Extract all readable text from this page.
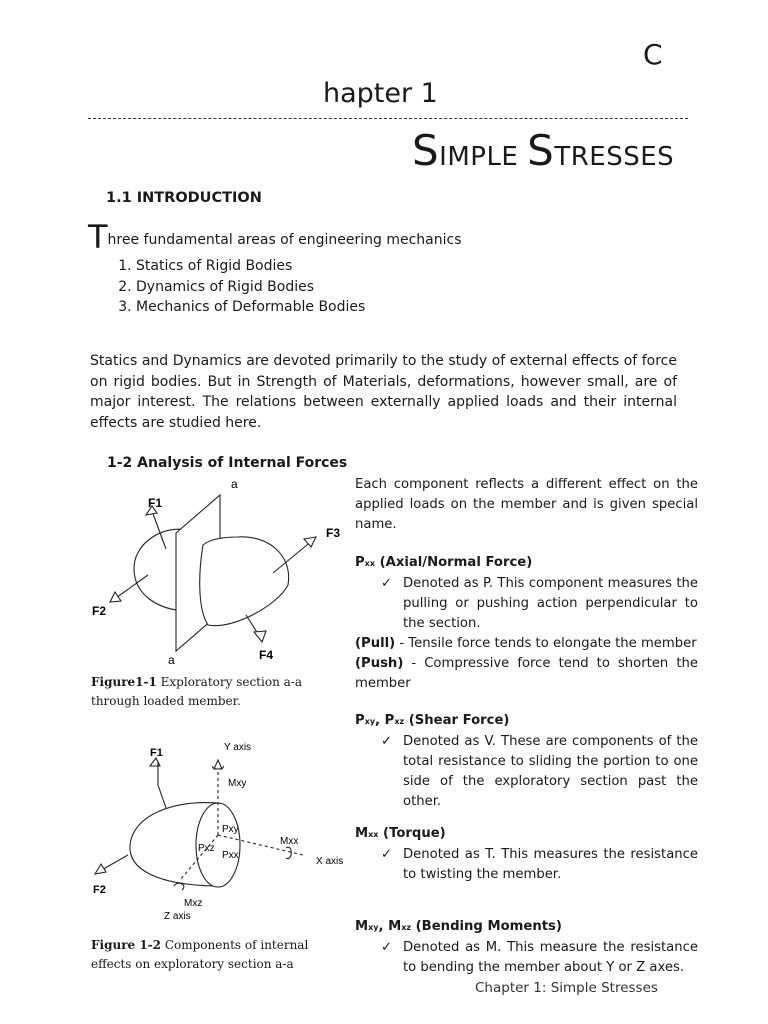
C
hapter 1
SIMPLE STRESSES
1.1 INTRODUCTION
Three fundamental areas of engineering mechanics
1. Statics of Rigid Bodies
2. Dynamics of Rigid Bodies
3. Mechanics of Deformable Bodies
Statics and Dynamics are devoted primarily to the study of external effects of force on rigid bodies. But in Strength of Materials, deformations, however small, are of major interest. The relations between externally applied loads and their internal effects are studied here.
1-2 Analysis of Internal Forces
a
a
F1
F2
F3
F4
Figure1-1 Exploratory section a-a through loaded member.
F1
F2
Y axis
X axis
Z axis
Mxy
Mxx
Mxz
Pxy
Pxz
Pxx
Figure 1-2 Components of internal effects on exploratory section a-a
Each component reflects a different effect on the applied loads on the member and is given special name.
Pxx (Axial/Normal Force)
✓ Denoted as P. This component measures the pulling or pushing action perpendicular to the section.
(Pull) - Tensile force tends to elongate the member
(Push) - Compressive force tend to shorten the member
Pxy, Pxz (Shear Force)
✓ Denoted as V. These are components of the total resistance to sliding the portion to one side of the exploratory section past the other.
Mxx (Torque)
✓ Denoted as T. This measures the resistance to twisting the member.
Mxy, Mxz (Bending Moments)
✓ Denoted as M. This measure the resistance to bending the member about Y or Z axes.
Chapter 1: Simple Stresses
